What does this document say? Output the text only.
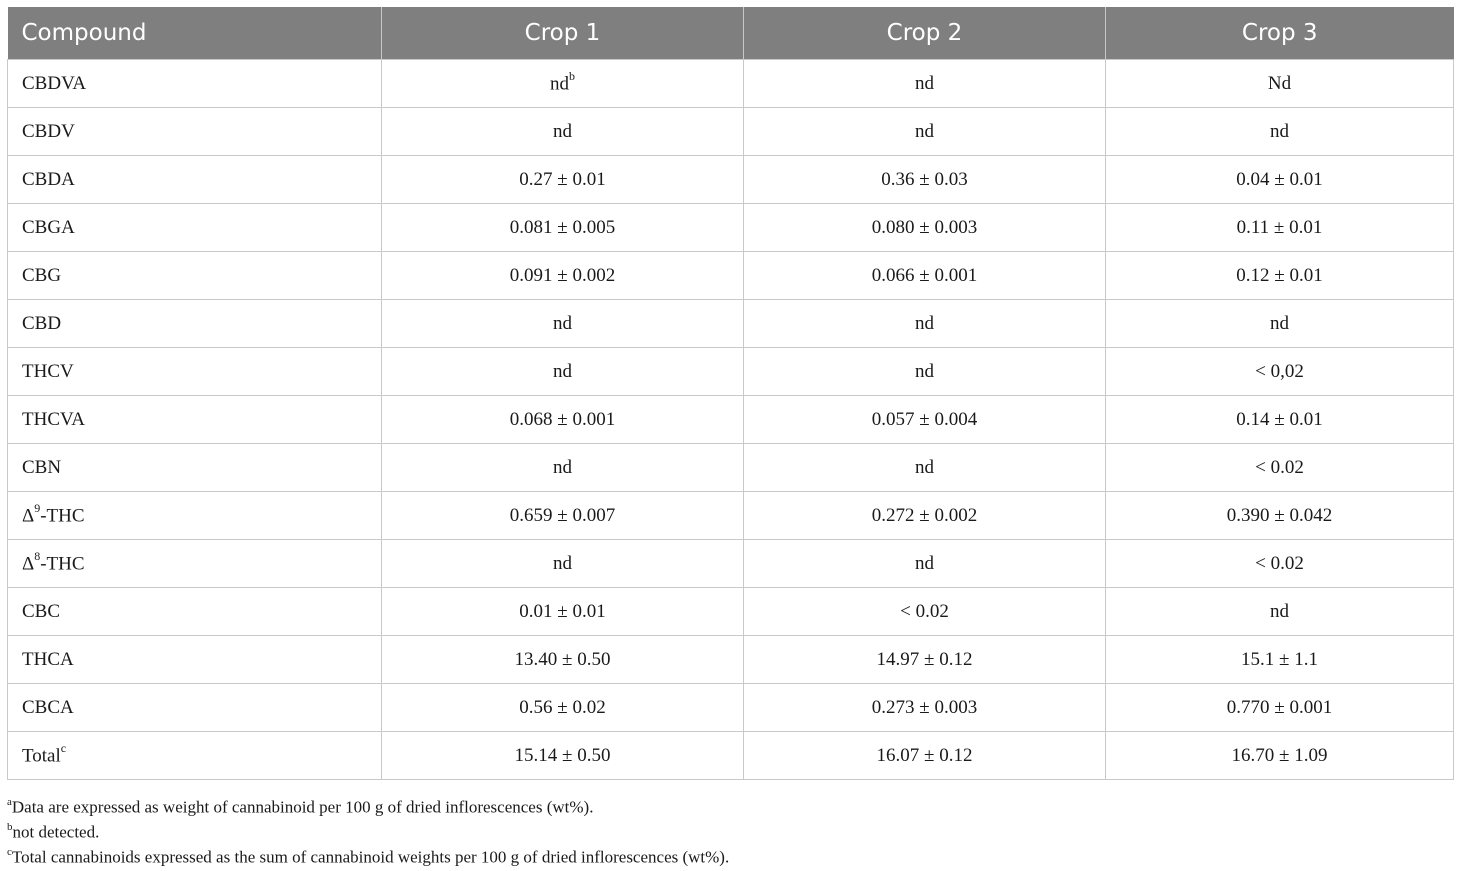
Compound	Crop 1	Crop 2	Crop 3
CBDVA	$nd^b$	nd	Nd
CBDV	nd	nd	nd
CBDA	0.27 ± 0.01	0.36 ± 0.03	0.04 ± 0.01
CBGA	0.081 ± 0.005	0.080 ± 0.003	0.11 ± 0.01
CBG	0.091 ± 0.002	0.066 ± 0.001	0.12 ± 0.01
CBD	nd	nd	nd
THCV	nd	nd	< 0,02
THCVA	0.068 ± 0.001	0.057 ± 0.004	0.14 ± 0.01
CBN	nd	nd	< 0.02
$\Delta^9$-THC	0.659 ± 0.007	0.272 ± 0.002	0.390 ± 0.042
$\Delta^8$-THC	nd	nd	< 0.02
CBC	0.01 ± 0.01	< 0.02	nd
THCA	13.40 ± 0.50	14.97 ± 0.12	15.1 ± 1.1
CBCA	0.56 ± 0.02	0.273 ± 0.003	0.770 ± 0.001
Total$^c$	15.14 ± 0.50	16.07 ± 0.12	16.70 ± 1.09
$^a$Data are expressed as weight of cannabinoid per 100 g of dried inflorescences (wt%).
$^b$not detected.
$^c$Total cannabinoids expressed as the sum of cannabinoid weights per 100 g of dried inflorescences (wt%).
